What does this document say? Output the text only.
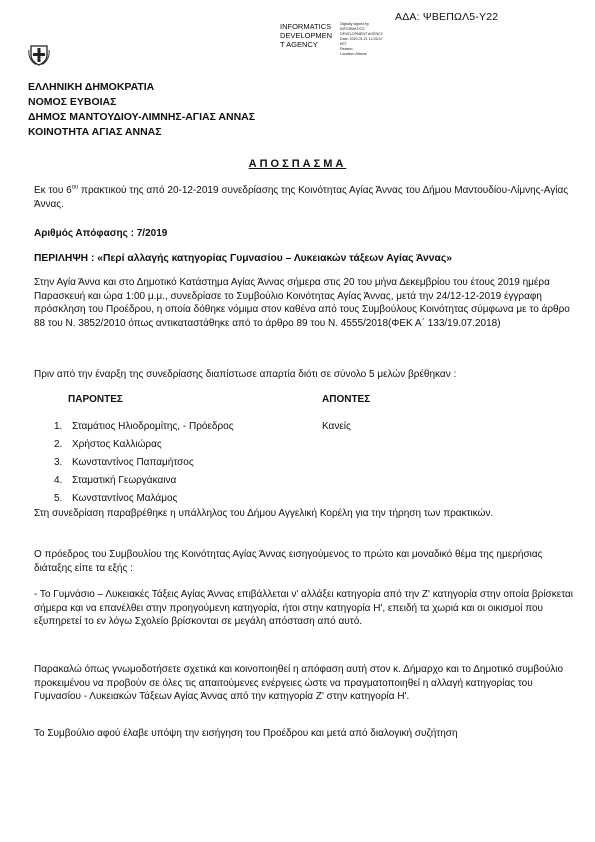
ΑΔΑ: ΨΒΕΠΩΛ5-Υ22
INFORMATICS
DEVELOPMEN
T AGENCY
Digitally signed by
INFORMATICS
DEVELOPMENT AGENCY
Date: 2020.01.21 12:26:47
EET
Reason:
Location: Athens
ΕΛΛΗΝΙΚΗ ΔΗΜΟΚΡΑΤΙΑ
ΝΟΜΟΣ ΕΥΒΟΙΑΣ
ΔΗΜΟΣ ΜΑΝΤΟΥΔΙΟΥ-ΛΙΜΝΗΣ-ΑΓΙΑΣ ΑΝΝΑΣ
ΚΟΙΝΟΤΗΤΑ ΑΓΙΑΣ ΑΝΝΑΣ
ΑΠΟΣΠΑΣΜΑ
Εκ του $6^{o\upsilon}$ πρακτικού της από 20-12-2019 συνεδρίασης της Κοινότητας Αγίας Άννας του Δήμου Μαντουδίου-Λίμνης-Αγίας Άννας.
Αριθμός Απόφασης : 7/2019
ΠΕΡΙΛΗΨΗ : «Περί αλλαγής κατηγορίας Γυμνασίου – Λυκειακών τάξεων Αγίας Άννας»
Στην Αγία Άννα και στο Δημοτικό Κατάστημα Αγίας Άννας σήμερα στις 20 του μήνα Δεκεμβρίου του έτους 2019 ημέρα Παρασκευή και ώρα 1:00 μ.μ., συνεδρίασε το Συμβούλιο Κοινότητας Αγίας Άννας, μετά την 24/12-12-2019 έγγραφη πρόσκληση του Προέδρου, η οποία δόθηκε νόμιμα στον καθένα από τους Συμβούλους Κοινότητας σύμφωνα με το άρθρο 88 του Ν. 3852/2010 όπως αντικαταστάθηκε από το άρθρο 89 του Ν. 4555/2018(ΦΕΚ Α΄ 133/19.07.2018)
Πριν από την έναρξη της συνεδρίασης διαπίστωσε απαρτία διότι σε σύνολο 5 μελών βρέθηκαν :
ΠΑΡΟΝΤΕΣ	ΑΠΟΝΤΕΣ
1. Σταμάτιος Ηλιοδρομίτης, - Πρόεδρος
2. Χρήστος Καλλιώρας
3. Κωνσταντίνος Παπαμήτσος
4. Σταματική Γεωργάκαινα
5. Κωνσταντίνος Μαλάμος
Κανείς
Στη συνεδρίαση παραβρέθηκε η υπάλληλος του Δήμου Αγγελική Κορέλη για την τήρηση των πρακτικών.
Ο πρόεδρος του Συμβουλίου της Κοινότητας Αγίας Άννας εισηγούμενος το πρώτο και μοναδικό θέμα της ημερήσιας διάταξης είπε τα εξής :
- Το Γυμνάσιο – Λυκειακές Τάξεις Αγίας Άννας επιβάλλεται ν' αλλάξει κατηγορία από την Ζ' κατηγορία στην οποία βρίσκεται σήμερα και να επανέλθει στην προηγούμενη κατηγορία, ήτοι στην κατηγορία Η', επειδή τα χωριά και οι οικισμοί που εξυπηρετεί το εν λόγω Σχολείο βρίσκονται σε μεγάλη απόσταση από αυτό.
Παρακαλώ όπως γνωμοδοτήσετε σχετικά και κοινοποιηθεί η απόφαση αυτή στον κ. Δήμαρχο και το Δημοτικό συμβούλιο προκειμένου να προβούν σε όλες τις απαιτούμενες ενέργειες ώστε να πραγματοποιηθεί η αλλαγή κατηγορίας του Γυμνασίου - Λυκειακών Τάξεων Αγίας Άννας από την κατηγορία Ζ' στην κατηγορία Η'.
Το Συμβούλιο αφού έλαβε υπόψη την εισήγηση του Προέδρου και μετά από διαλογική συζήτηση
